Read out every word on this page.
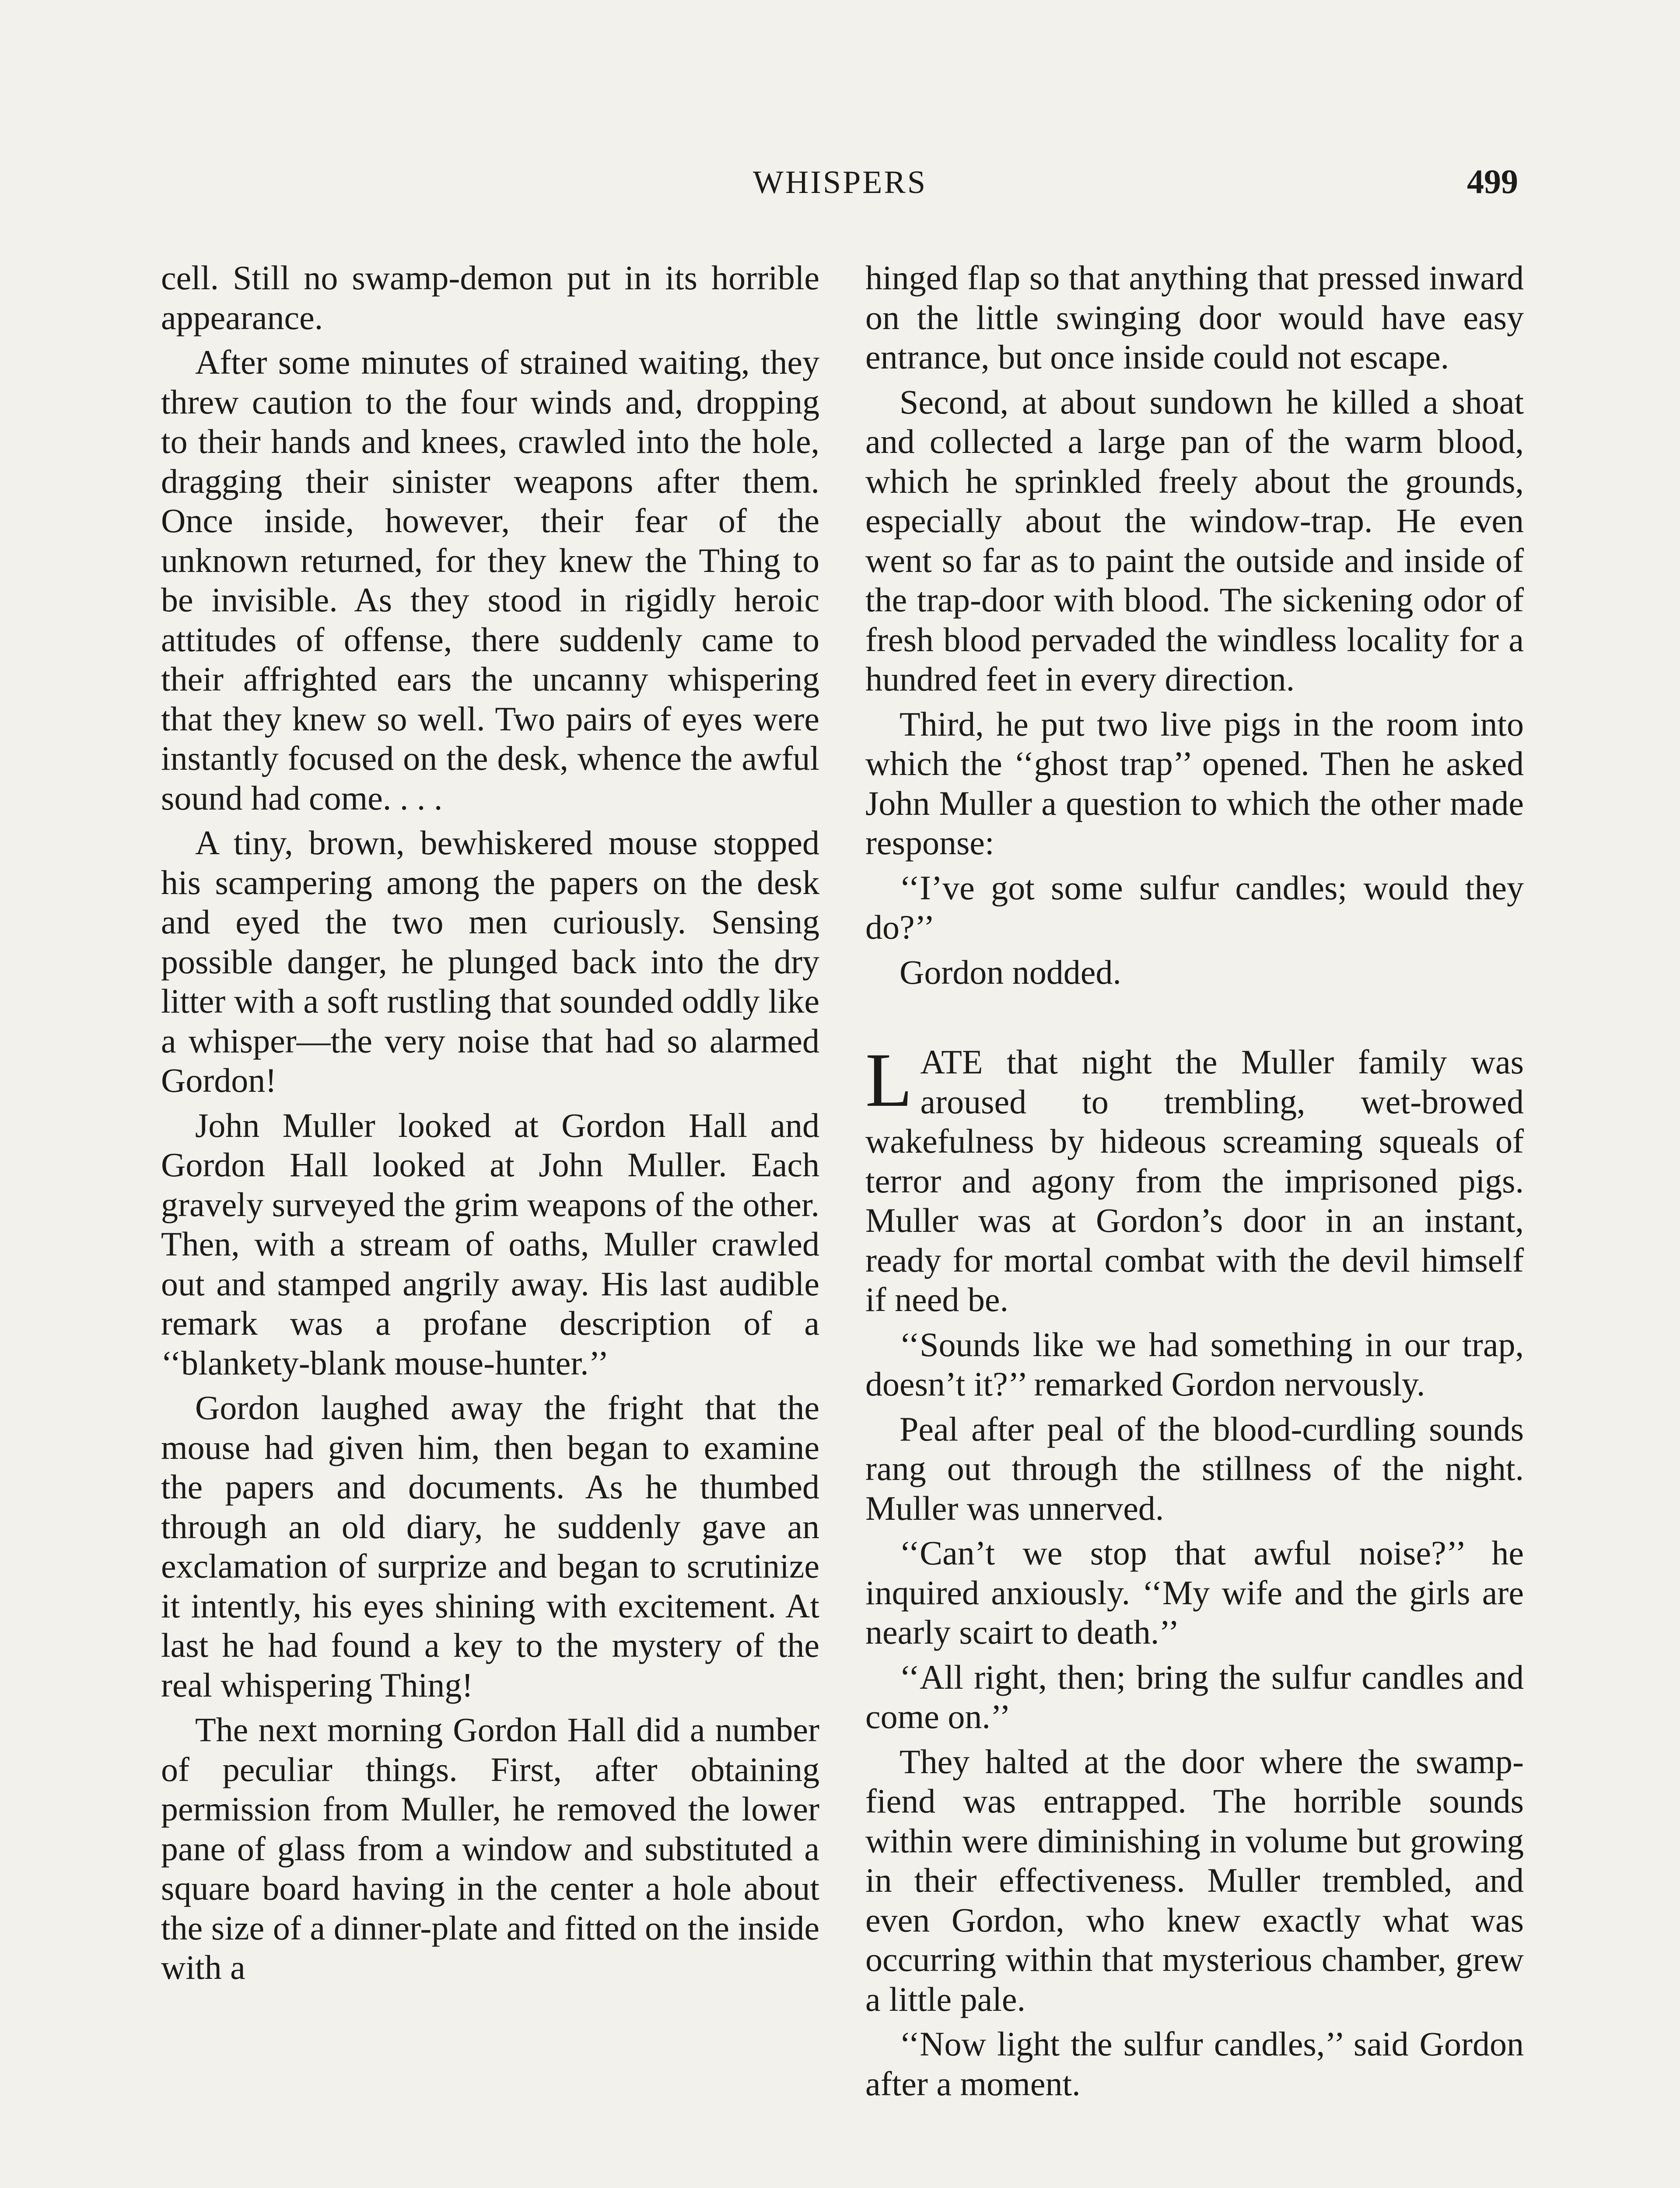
WHISPERS	499

cell. Still no swamp-demon put in its horrible appearance.

After some minutes of strained waiting, they threw caution to the four winds and, dropping to their hands and knees, crawled into the hole, dragging their sinister weapons after them. Once inside, however, their fear of the unknown returned, for they knew the Thing to be invisible. As they stood in rigidly heroic attitudes of offense, there suddenly came to their affrighted ears the uncanny whispering that they knew so well. Two pairs of eyes were instantly focused on the desk, whence the awful sound had come. . . .

A tiny, brown, bewhiskered mouse stopped his scampering among the papers on the desk and eyed the two men curiously. Sensing possible danger, he plunged back into the dry litter with a soft rustling that sounded oddly like a whisper—the very noise that had so alarmed Gordon!

John Muller looked at Gordon Hall and Gordon Hall looked at John Muller. Each gravely surveyed the grim weapons of the other. Then, with a stream of oaths, Muller crawled out and stamped angrily away. His last audible remark was a profane description of a ‘‘blankety-blank mouse-hunter.’’

Gordon laughed away the fright that the mouse had given him, then began to examine the papers and documents. As he thumbed through an old diary, he suddenly gave an exclamation of surprize and began to scrutinize it intently, his eyes shining with excitement. At last he had found a key to the mystery of the real whispering Thing!

The next morning Gordon Hall did a number of peculiar things. First, after obtaining permission from Muller, he removed the lower pane of glass from a window and substituted a square board having in the center a hole about the size of a dinner-plate and fitted on the inside with a

hinged flap so that anything that pressed inward on the little swinging door would have easy entrance, but once inside could not escape.

Second, at about sundown he killed a shoat and collected a large pan of the warm blood, which he sprinkled freely about the grounds, especially about the window-trap. He even went so far as to paint the outside and inside of the trap-door with blood. The sickening odor of fresh blood pervaded the windless locality for a hundred feet in every direction.

Third, he put two live pigs in the room into which the ‘‘ghost trap’’ opened. Then he asked John Muller a question to which the other made response:

‘‘I’ve got some sulfur candles; would they do?’’

Gordon nodded.

LATE that night the Muller family was aroused to trembling, wet-browed wakefulness by hideous screaming squeals of terror and agony from the imprisoned pigs. Muller was at Gordon’s door in an instant, ready for mortal combat with the devil himself if need be.

‘‘Sounds like we had something in our trap, doesn’t it?’’ remarked Gordon nervously.

Peal after peal of the blood-curdling sounds rang out through the stillness of the night. Muller was unnerved.

‘‘Can’t we stop that awful noise?’’ he inquired anxiously. ‘‘My wife and the girls are nearly scairt to death.’’

‘‘All right, then; bring the sulfur candles and come on.’’

They halted at the door where the swamp-fiend was entrapped. The horrible sounds within were diminishing in volume but growing in their effectiveness. Muller trembled, and even Gordon, who knew exactly what was occurring within that mysterious chamber, grew a little pale.

‘‘Now light the sulfur candles,’’ said Gordon after a moment.
